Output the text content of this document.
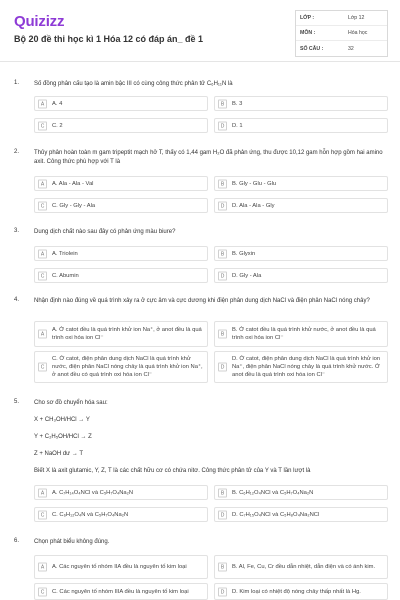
Quizizz
Bộ 20 đề thi học kì 1 Hóa 12 có đáp án_ đề 1
LỚP :	Lớp 12
MÔN :	Hóa học
SỐ CÂU :	32
1. Số đồng phân cấu tạo là amin bậc III có cùng công thức phân tử C₆H₁₁N là
A	A. 4	B	B. 3
C	C. 2	D	D. 1
2. Thủy phân hoàn toàn m gam tripeptit mạch hở T, thấy có 1,44 gam H₂O đã phản ứng, thu được 10,12 gam hỗn hợp gồm hai amino axit. Công thức phù hợp với T là
A	A. Ala - Ala - Val	B	B. Gly - Glu - Glu
C	C. Gly - Gly - Ala	D	D. Ala - Ala - Gly
3. Dung dịch chất nào sau đây có phản ứng màu biure?
A	A. Triolein	B	B. Glyxin
C	C. Abumin	D	D. Gly - Ala
4. Nhận định nào đúng về quá trình xảy ra ở cực âm và cực dương khi điện phân dung dịch NaCl và điện phân NaCl nóng chảy?
A
A. Ở catot đều là quá trình khử ion Na⁺, ở anot đều là quá trình oxi hóa ion Cl⁻
B
B. Ở catot đều là quá trình khử nước, ở anot đều là quá trình oxi hóa ion Cl⁻
C
C. Ở catot, điện phân dung dịch NaCl là quá trình khử nước, điện phân NaCl nóng chảy là quá trình khử ion Na⁺, ở anot đều có quá trình oxi hóa ion Cl⁻
D
D. Ở catot, điện phân dung dịch NaCl là quá trình khử ion Na⁺, điện phân NaCl nóng chảy là quá trình khử nước. Ở anot đều là quá trình oxi hóa ion Cl⁻
5. Cho sơ đồ chuyển hóa sau:
X + CH₃OH/HCl → Y
Y + C₂H₅OH/HCl → Z
Z + NaOH dư → T
Biết X là axit glutamic, Y, Z, T là các chất hữu cơ có chứa nitơ. Công thức phân tử của Y và T lần lượt là
A	A. C₇H₁₄O₄NCl và C₅H₇O₄Na₂N	B	B. C₆H₁₂O₄NCl và C₅H₇O₄Na₂N
C	C. C₆H₁₂O₄N và C₅H₇O₄Na₂N	D	D. C₇H₁₅O₄NCl và C₅H₈O₄Na₂NCl
6. Chọn phát biểu không đúng.
A	A. Các nguyên tố nhóm IIA đều là nguyên tố kim loại	B	B. Al, Fe, Cu, Cr đều dẫn nhiệt, dẫn điện và có ánh kim.
C	C. Các nguyên tố nhóm IIIA đều là nguyên tố kim loại	D	D. Kim loại có nhiệt độ nóng chảy thấp nhất là Hg.
